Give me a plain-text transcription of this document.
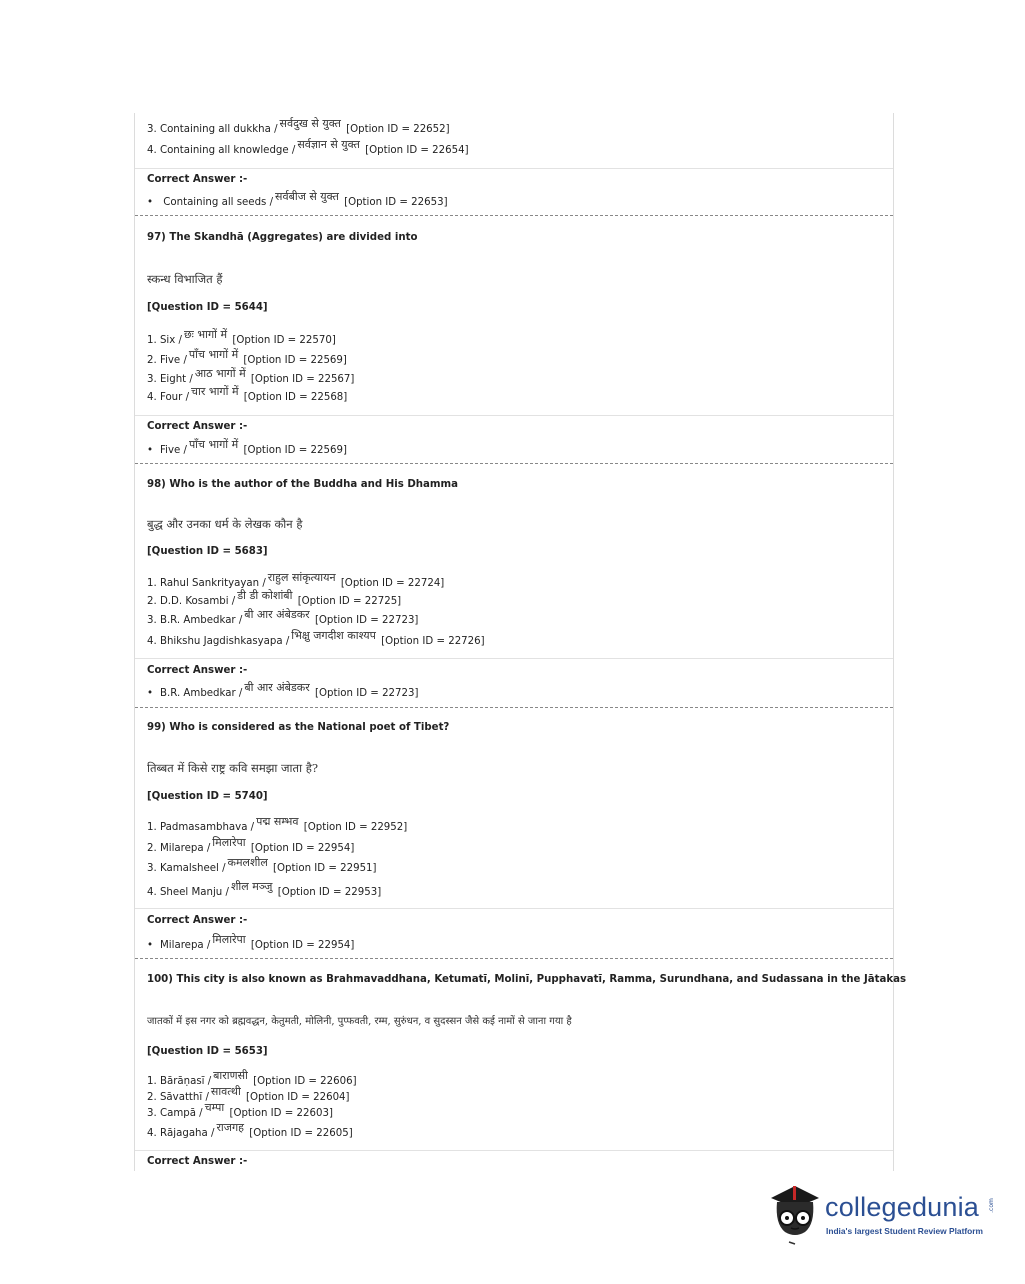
3. Containing all dukkha / सर्वदुख से युक्त [Option ID = 22652]
4. Containing all knowledge / सर्वज्ञान से युक्त [Option ID = 22654]
Correct Answer :-
• Containing all seeds / सर्वबीज से युक्त [Option ID = 22653]
97) The Skandhā (Aggregates) are divided into
स्कन्ध विभाजित हैं
[Question ID = 5644]
1. Six / छः भागों में [Option ID = 22570]
2. Five / पाँच भागों में [Option ID = 22569]
3. Eight / आठ भागों में [Option ID = 22567]
4. Four / चार भागों में [Option ID = 22568]
Correct Answer :-
• Five / पाँच भागों में [Option ID = 22569]
98) Who is the author of the Buddha and His Dhamma
बुद्ध और उनका धर्म के लेखक कौन है
[Question ID = 5683]
1. Rahul Sankrityayan / राहुल सांकृत्यायन [Option ID = 22724]
2. D.D. Kosambi / डी डी कोशांबी [Option ID = 22725]
3. B.R. Ambedkar / बी आर अंबेडकर [Option ID = 22723]
4. Bhikshu Jagdishkasyapa / भिक्षु जगदीश काश्यप [Option ID = 22726]
Correct Answer :-
• B.R. Ambedkar / बी आर अंबेडकर [Option ID = 22723]
99) Who is considered as the National poet of Tibet?
तिब्बत में किसे राष्ट्र कवि समझा जाता है?
[Question ID = 5740]
1. Padmasambhava / पद्म सम्भव [Option ID = 22952]
2. Milarepa / मिलारेपा [Option ID = 22954]
3. Kamalsheel / कमलशील [Option ID = 22951]
4. Sheel Manju / शील मञ्जु [Option ID = 22953]
Correct Answer :-
• Milarepa / मिलारेपा [Option ID = 22954]
100) This city is also known as Brahmavaddhana, Ketumatī, Molinī, Pupphavatī, Ramma, Surundhana, and Sudassana in the Jātakas
जातकों में इस नगर को ब्रह्मवद्धन, केतुमती, मोलिनी, पुप्फवती, रम्म, सुरुंधन, व सुदस्सन जैसे कई नामों से जाना गया है
[Question ID = 5653]
1. Bārāṇasī / बाराणसी [Option ID = 22606]
2. Sāvatthī / सावत्थी [Option ID = 22604]
3. Campā / चम्पा [Option ID = 22603]
4. Rājagaha / राजगह [Option ID = 22605]
Correct Answer :-
collegedunia .com
India's largest Student Review Platform
